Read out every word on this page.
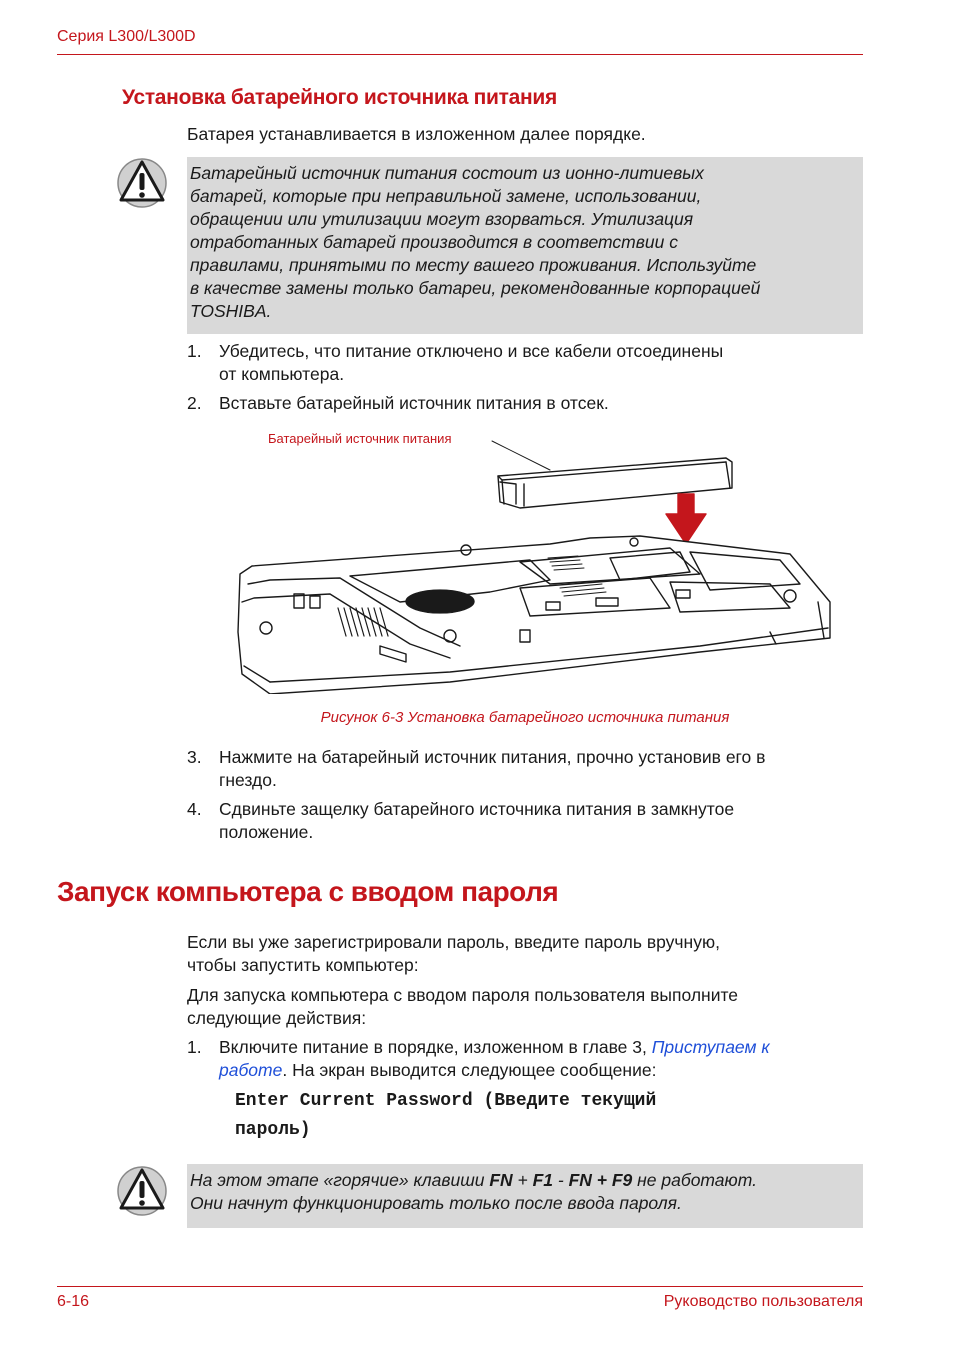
Серия L300/L300D
Установка батарейного источника питания
Батарея устанавливается в изложенном далее порядке.
Батарейный источник питания состоит из ионно-литиевых
батарей, которые при неправильной замене, использовании,
обращении или утилизации могут взорваться. Утилизация
отработанных батарей производится в соответствии с
правилами, принятыми по месту вашего проживания. Используйте
в качестве замены только батареи, рекомендованные корпорацией
TOSHIBA.
1. Убедитесь, что питание отключено и все кабели отсоединены
от компьютера.
2. Вставьте батарейный источник питания в отсек.
Батарейный источник питания
Рисунок 6-3 Установка батарейного источника питания
3. Нажмите на батарейный источник питания, прочно установив его в
гнездо.
4. Сдвиньте защелку батарейного источника питания в замкнутое
положение.
Запуск компьютера с вводом пароля
Если вы уже зарегистрировали пароль, введите пароль вручную,
чтобы запустить компьютер:
Для запуска компьютера с вводом пароля пользователя выполните
следующие действия:
1. Включите питание в порядке, изложенном в главе 3, Приступаем к
работе. На экран выводится следующее сообщение:
Enter Current Password (Введите текущий
пароль)
На этом этапе «горячие» клавиши FN + F1 - FN + F9 не работают.
Они начнут функционировать только после ввода пароля.
6-16	Руководство пользователя
